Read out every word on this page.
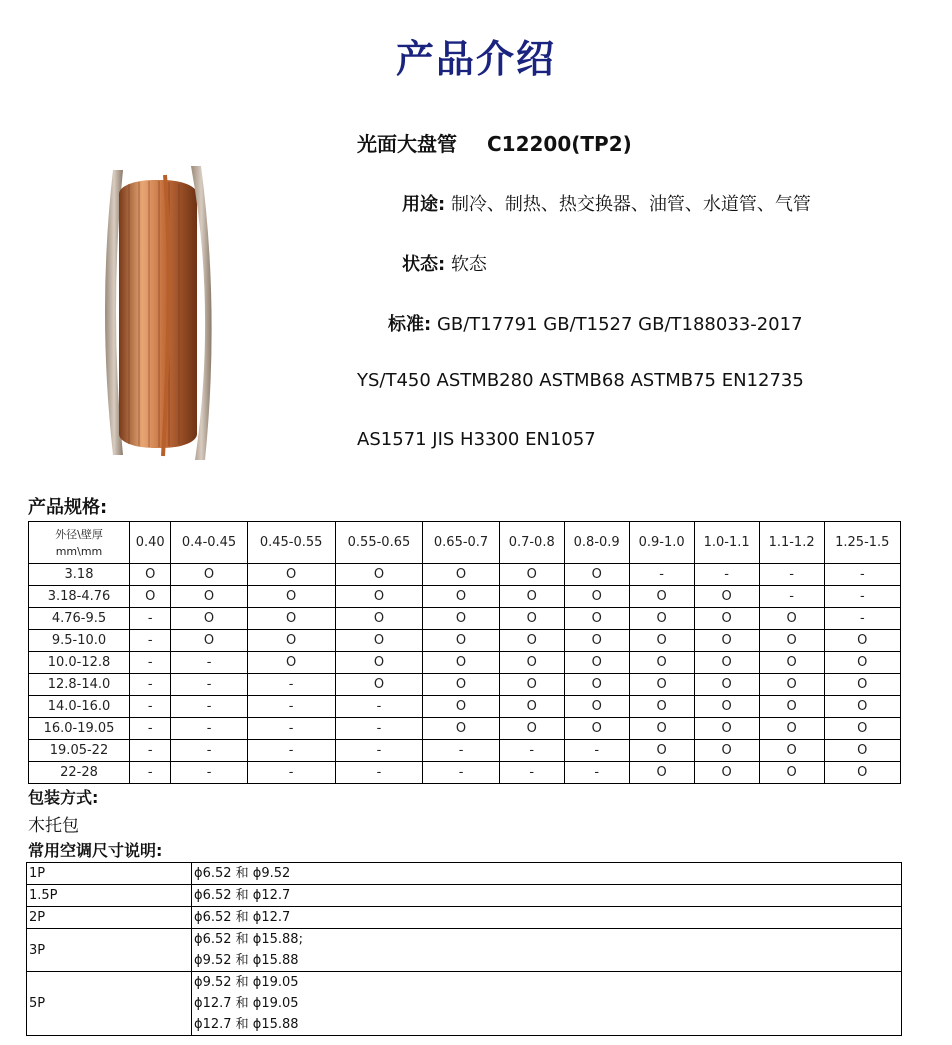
产品介绍
光面大盘管 C12200(TP2)
用途: 制冷、制热、热交换器、油管、水道管、气管
状态: 软态
标准: GB/T17791 GB/T1527 GB/T188033-2017
YS/T450 ASTMB280 ASTMB68 ASTMB75 EN12735
AS1571 JIS H3300 EN1057
产品规格:
外径\壁厚
mm\mm	0.40	0.4-0.45	0.45-0.55	0.55-0.65	0.65-0.7	0.7-0.8	0.8-0.9	0.9-1.0	1.0-1.1	1.1-1.2	1.25-1.5
3.18	O	O	O	O	O	O	O	-	-	-	-
3.18-4.76	O	O	O	O	O	O	O	O	O	-	-
4.76-9.5	-	O	O	O	O	O	O	O	O	O	-
9.5-10.0	-	O	O	O	O	O	O	O	O	O	O
10.0-12.8	-	-	O	O	O	O	O	O	O	O	O
12.8-14.0	-	-	-	O	O	O	O	O	O	O	O
14.0-16.0	-	-	-	-	O	O	O	O	O	O	O
16.0-19.05	-	-	-	-	O	O	O	O	O	O	O
19.05-22	-	-	-	-	-	-	-	O	O	O	O
22-28	-	-	-	-	-	-	-	O	O	O	O
包装方式:
木托包
常用空调尺寸说明:
1P	ϕ6.52 和 ϕ9.52

1.5P	ϕ6.52 和 ϕ12.7

2P	ϕ6.52 和 ϕ12.7

3P	ϕ6.52 和 ϕ15.88;
ϕ9.52 和 ϕ15.88

5P	ϕ9.52 和 ϕ19.05
ϕ12.7 和 ϕ19.05
ϕ12.7 和 ϕ15.88
